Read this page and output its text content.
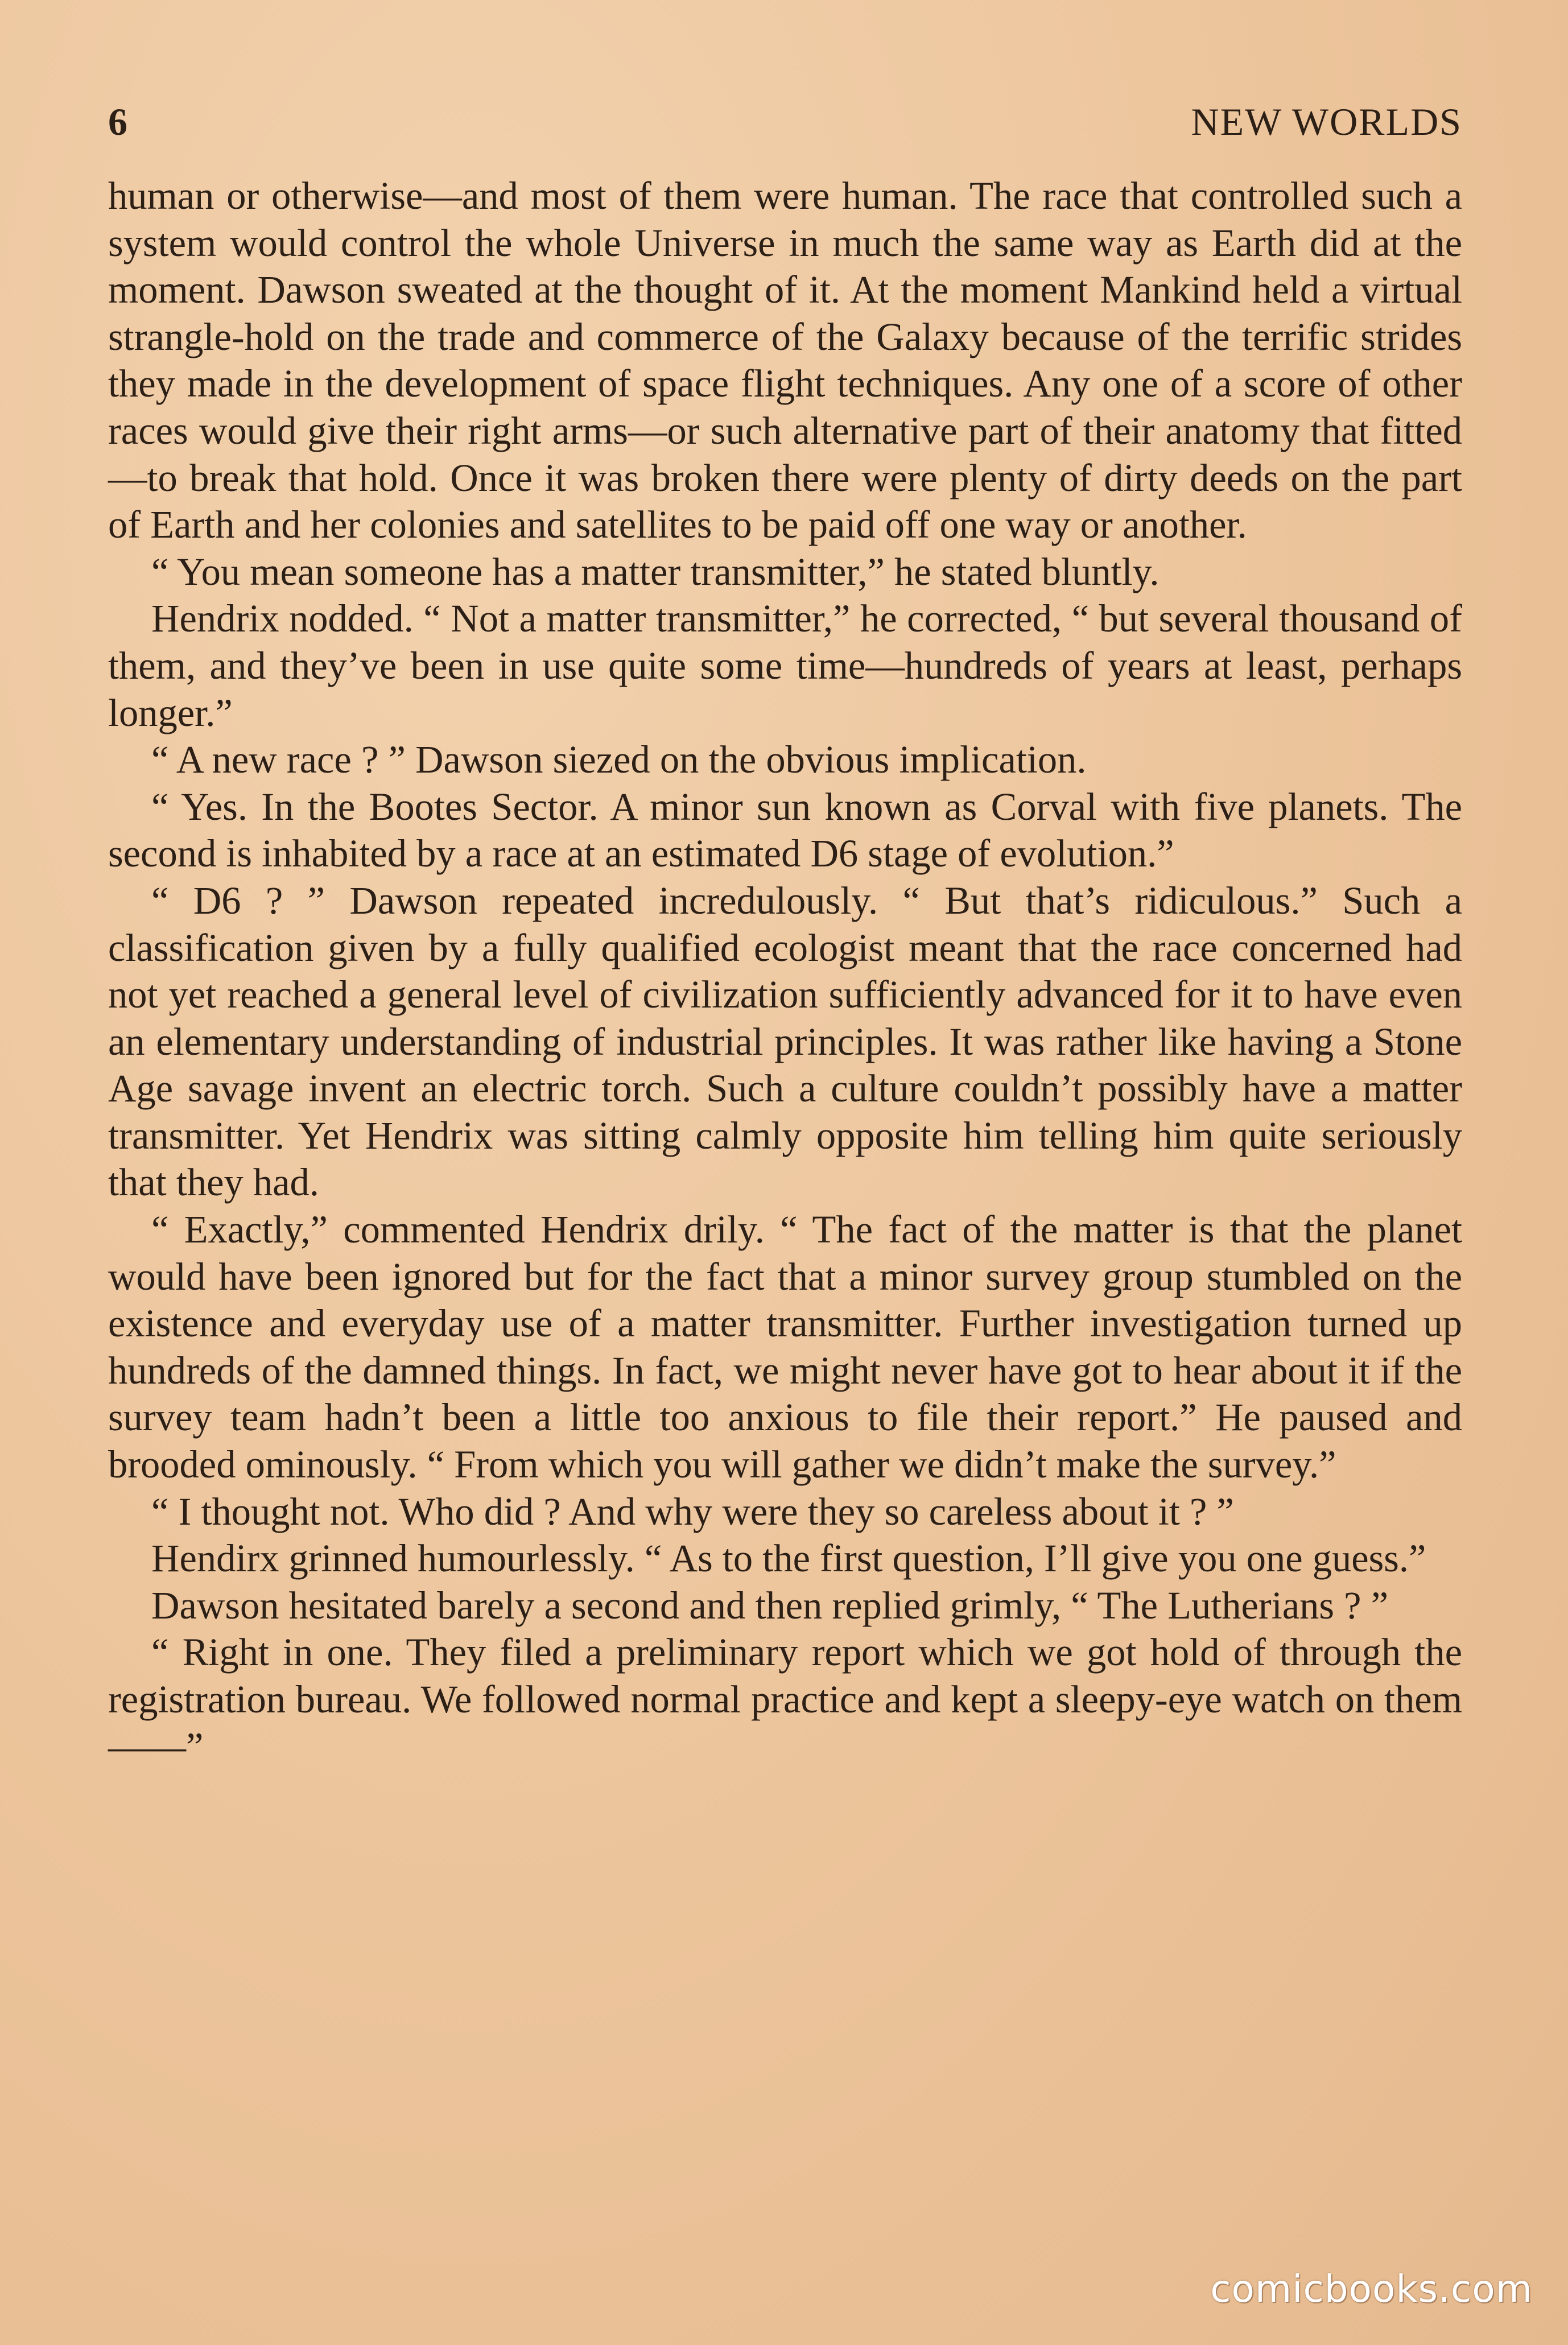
6	NEW WORLDS

human or otherwise—and most of them were human. The race that controlled such a system would control the whole Universe in much the same way as Earth did at the moment. Dawson sweated at the thought of it. At the moment Mankind held a virtual strangle-hold on the trade and commerce of the Galaxy because of the terrific strides they made in the development of space flight techniques. Any one of a score of other races would give their right arms—or such alternative part of their anatomy that fitted—to break that hold. Once it was broken there were plenty of dirty deeds on the part of Earth and her colonies and satellites to be paid off one way or another.

“ You mean someone has a matter transmitter,” he stated bluntly.

Hendrix nodded. “ Not a matter transmitter,” he corrected, “ but several thousand of them, and they’ve been in use quite some time—hundreds of years at least, perhaps longer.”

“ A new race ? ” Dawson siezed on the obvious implication.

“ Yes. In the Bootes Sector. A minor sun known as Corval with five planets. The second is inhabited by a race at an estimated D6 stage of evolution.”

“ D6 ? ” Dawson repeated incredulously. “ But that’s ridiculous.” Such a classification given by a fully qualified ecologist meant that the race concerned had not yet reached a general level of civilization sufficiently advanced for it to have even an elementary understanding of industrial principles. It was rather like having a Stone Age savage invent an electric torch. Such a culture couldn’t possibly have a matter transmitter. Yet Hendrix was sitting calmly opposite him telling him quite seriously that they had.

“ Exactly,” commented Hendrix drily. “ The fact of the matter is that the planet would have been ignored but for the fact that a minor survey group stumbled on the existence and everyday use of a matter transmitter. Further investigation turned up hundreds of the damned things. In fact, we might never have got to hear about it if the survey team hadn’t been a little too anxious to file their report.” He paused and brooded ominously. “ From which you will gather we didn’t make the survey.”

“ I thought not. Who did ? And why were they so careless about it ? ”

Hendirx grinned humourlessly. “ As to the first question, I’ll give you one guess.”

Dawson hesitated barely a second and then replied grimly, “ The Lutherians ? ”

“ Right in one. They filed a preliminary report which we got hold of through the registration bureau. We followed normal practice and kept a sleepy-eye watch on them——”

comicbooks.com
